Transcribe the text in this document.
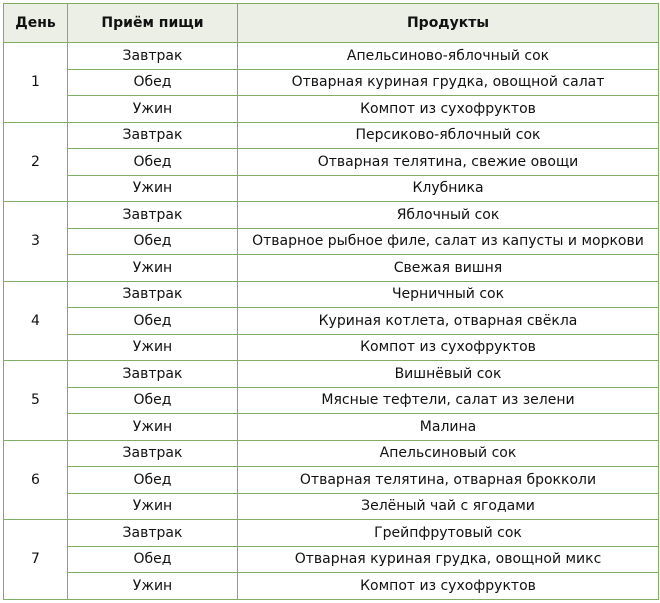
День	Приём пищи	Продукты
1	Завтрак	Апельсиново-яблочный сок
	Обед	Отварная куриная грудка, овощной салат
	Ужин	Компот из сухофруктов
2	Завтрак	Персиково-яблочный сок
	Обед	Отварная телятина, свежие овощи
	Ужин	Клубника
3	Завтрак	Яблочный сок
	Обед	Отварное рыбное филе, салат из капусты и моркови
	Ужин	Свежая вишня
4	Завтрак	Черничный сок
	Обед	Куриная котлета, отварная свёкла
	Ужин	Компот из сухофруктов
5	Завтрак	Вишнёвый сок
	Обед	Мясные тефтели, салат из зелени
	Ужин	Малина
6	Завтрак	Апельсиновый сок
	Обед	Отварная телятина, отварная брокколи
	Ужин	Зелёный чай с ягодами
7	Завтрак	Грейпфрутовый сок
	Обед	Отварная куриная грудка, овощной микс
	Ужин	Компот из сухофруктов
